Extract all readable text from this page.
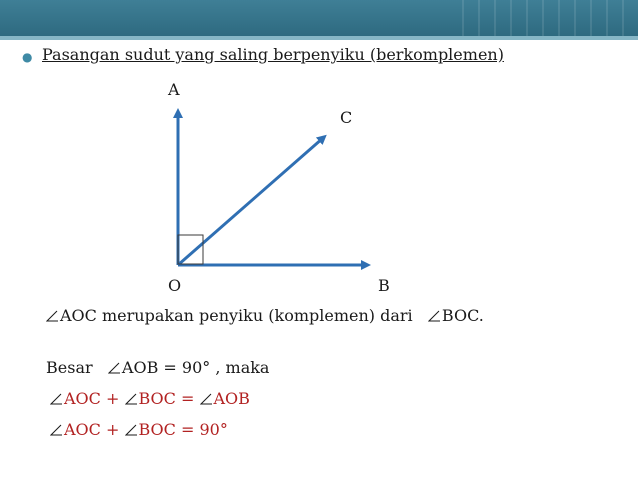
● Pasangan sudut yang saling berpenyiku (berkomplemen)
A
C
O	B
AOC merupakan penyiku (komplemen) dari BOC.
Besar AOB = 90° , maka
AOC + BOC = AOB
AOC + BOC = 90°
